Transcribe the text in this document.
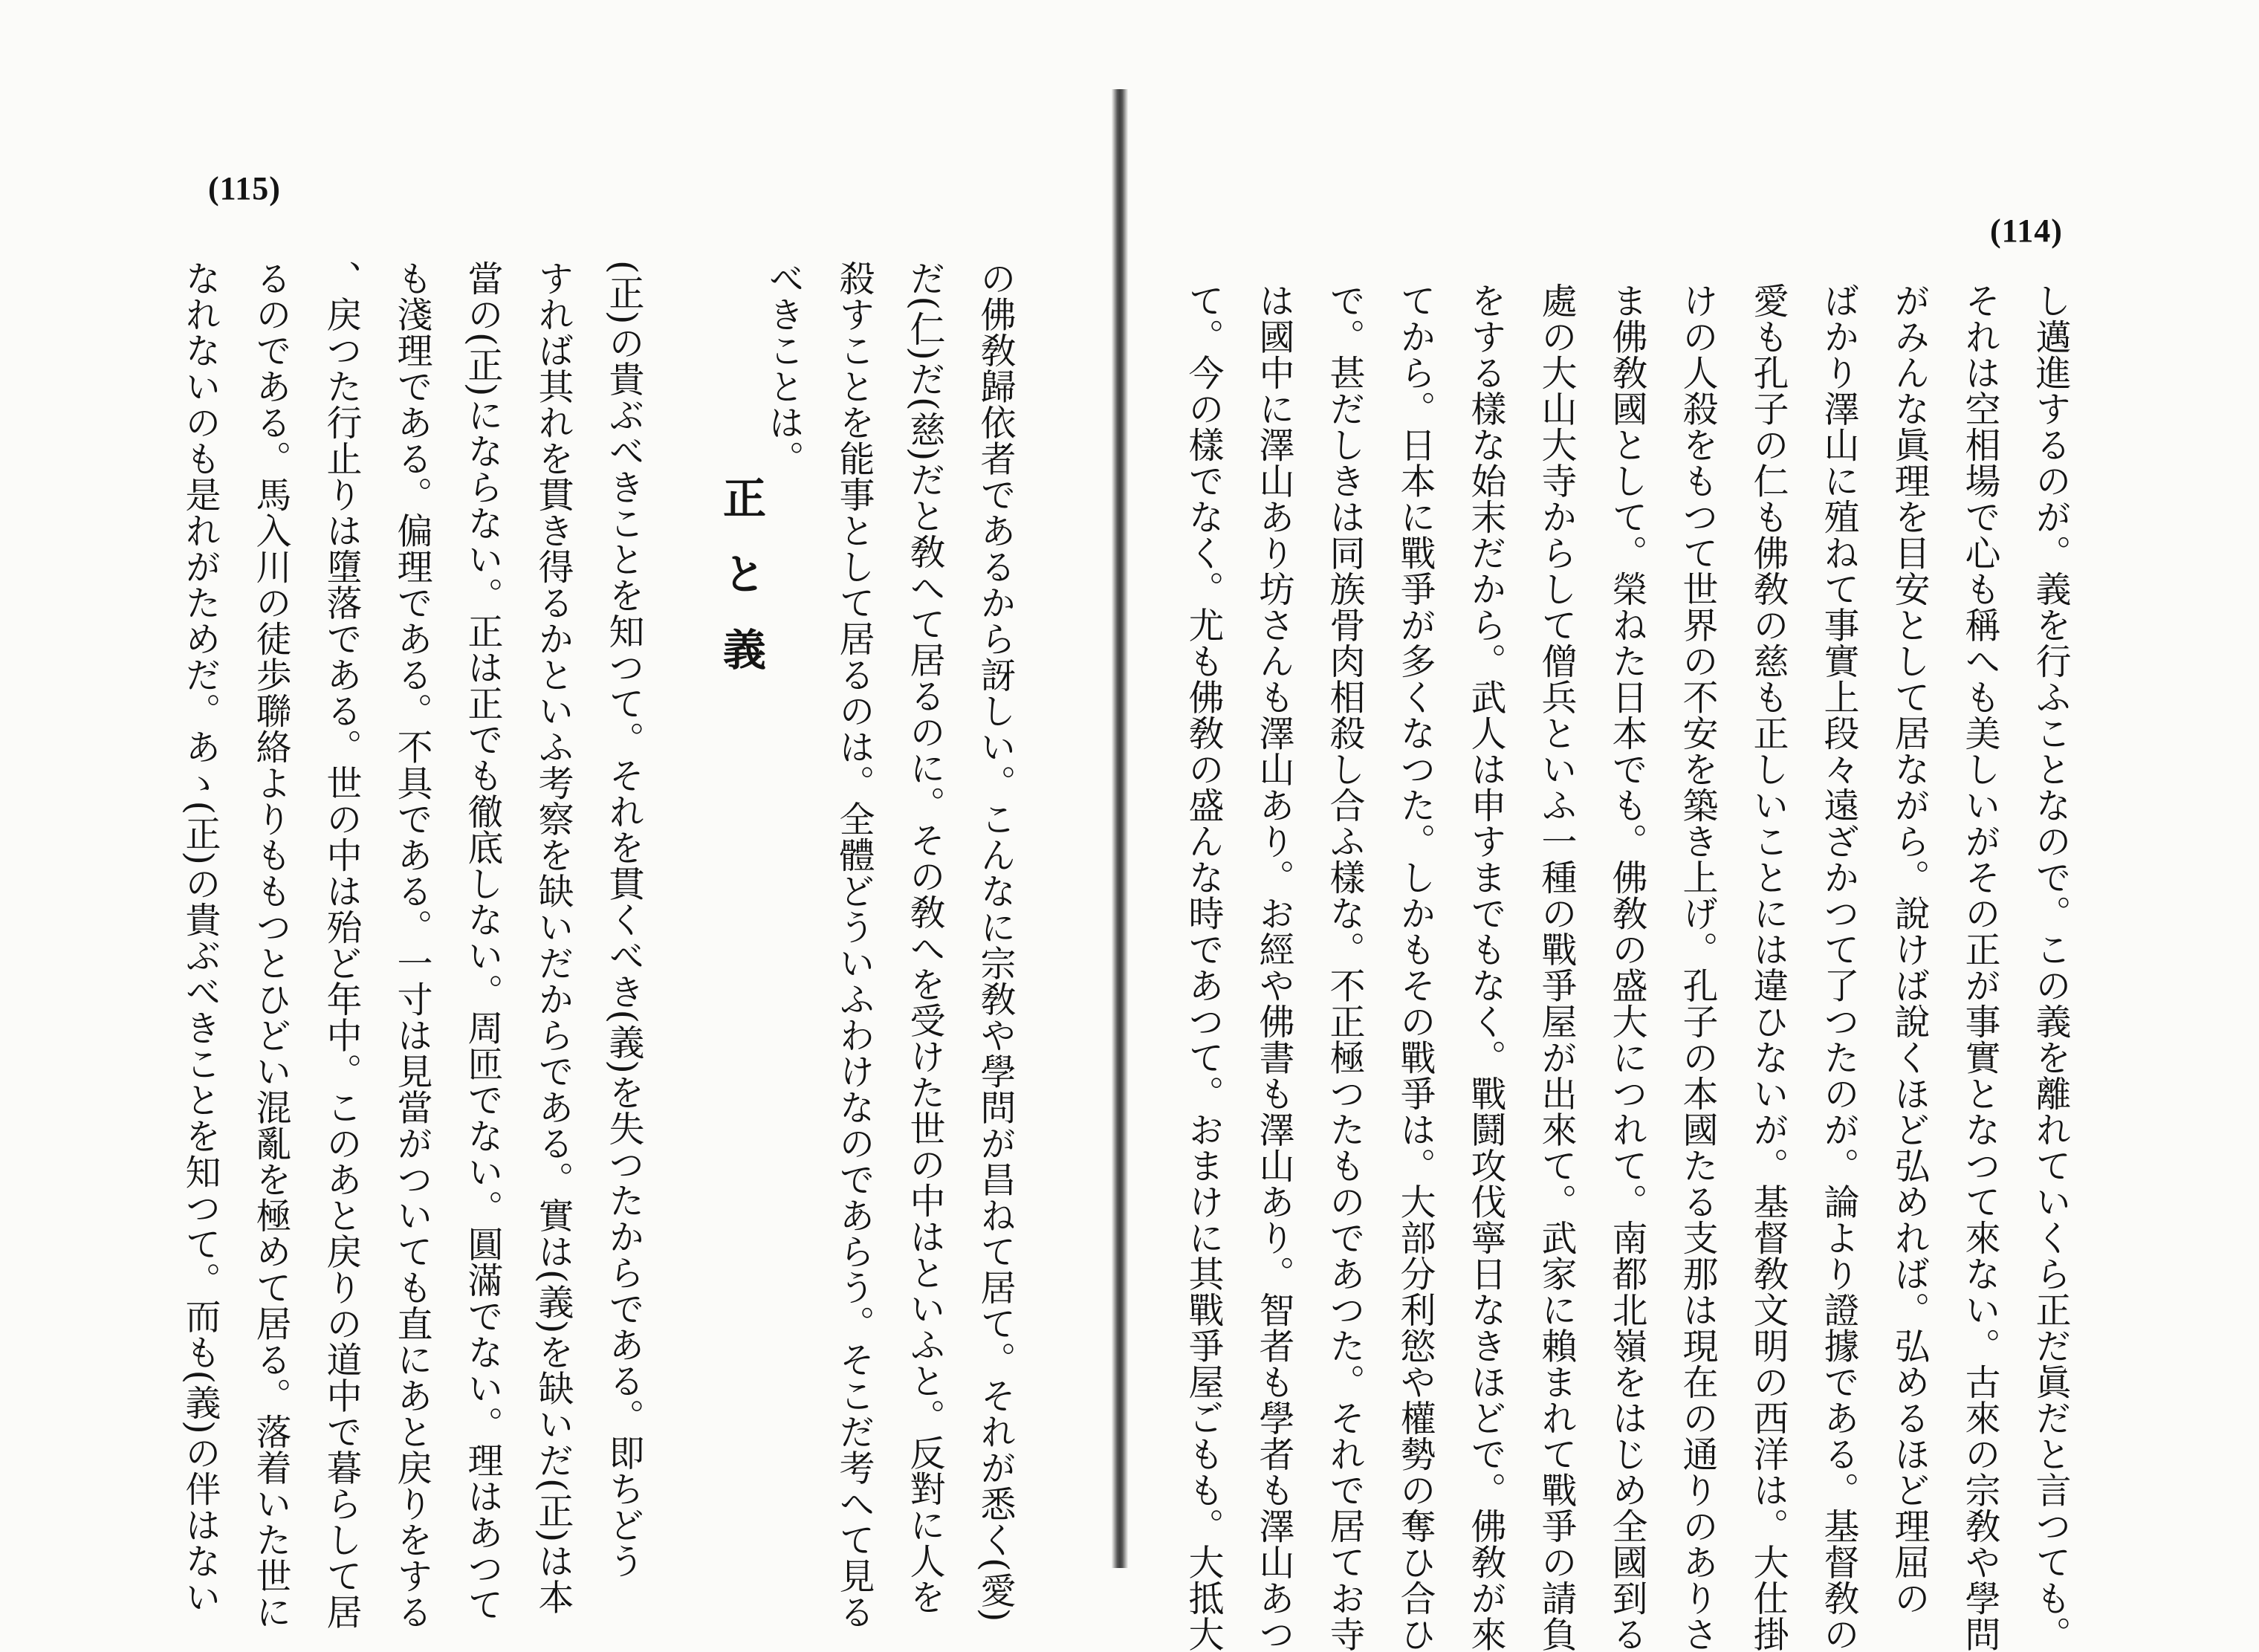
(115)
の佛敎歸依者であるから訝しい。こんなに宗敎や學問が昌ねて居て。それが悉く(愛)
だ(仁)だ(慈)だと敎へて居るのに。その敎へを受けた世の中はといふと。反對に人を
殺すことを能事として居るのは。全體どういふわけなのであらう。そこだ考へて見る
べきことは。
正と義
(正)の貴ぶべきことを知つて。それを貫くべき(義)を失つたからである。即ちどう
すれば其れを貫き得るかといふ考察を缺いだからである。實は(義)を缺いだ(正)は本
當の(正)にならない。正は正でも徹底しない。周匝でない。圓滿でない。理はあつて
も淺理である。偏理である。不具である。一寸は見當がついても直にあと戻りをする
、戻つた行止りは墮落である。世の中は殆ど年中。このあと戻りの道中で暮らして居
るのである。馬入川の徒歩聯絡よりももつとひどい混亂を極めて居る。落着いた世に
なれないのも是れがためだ。あゝ(正)の貴ぶべきことを知つて。而も(義)の伴はない
(114)
し邁進するのが。義を行ふことなので。この義を離れていくら正だ眞だと言つても。
それは空相場で心も稱へも美しいがその正が事實となつて來ない。古來の宗敎や學問
がみんな眞理を目安として居ながら。說けば說くほど弘めれば。弘めるほど理屈の
ばかり澤山に殖ねて事實上段々遠ざかつて了つたのが。論より證據である。基督敎の
愛も孔子の仁も佛敎の慈も正しいことには違ひないが。基督敎文明の西洋は。大仕掛
けの人殺をもつて世界の不安を築き上げ。孔子の本國たる支那は現在の通りのありさ
ま佛敎國として。榮ねた日本でも。佛敎の盛大につれて。南都北嶺をはじめ全國到る
處の大山大寺からして僧兵といふ一種の戰爭屋が出來て。武家に賴まれて戰爭の請負
をする樣な始末だから。武人は申すまでもなく。戰鬪攻伐寧日なきほどで。佛敎が來
てから。日本に戰爭が多くなつた。しかもその戰爭は。大部分利慾や權勢の奪ひ合ひ
で。甚だしきは同族骨肉相殺し合ふ樣な。不正極つたものであつた。それで居てお寺
は國中に澤山あり坊さんも澤山あり。お經や佛書も澤山あり。智者も學者も澤山あつ
て。今の樣でなく。尤も佛敎の盛んな時であつて。おまけに其戰爭屋ごもも。大抵大
